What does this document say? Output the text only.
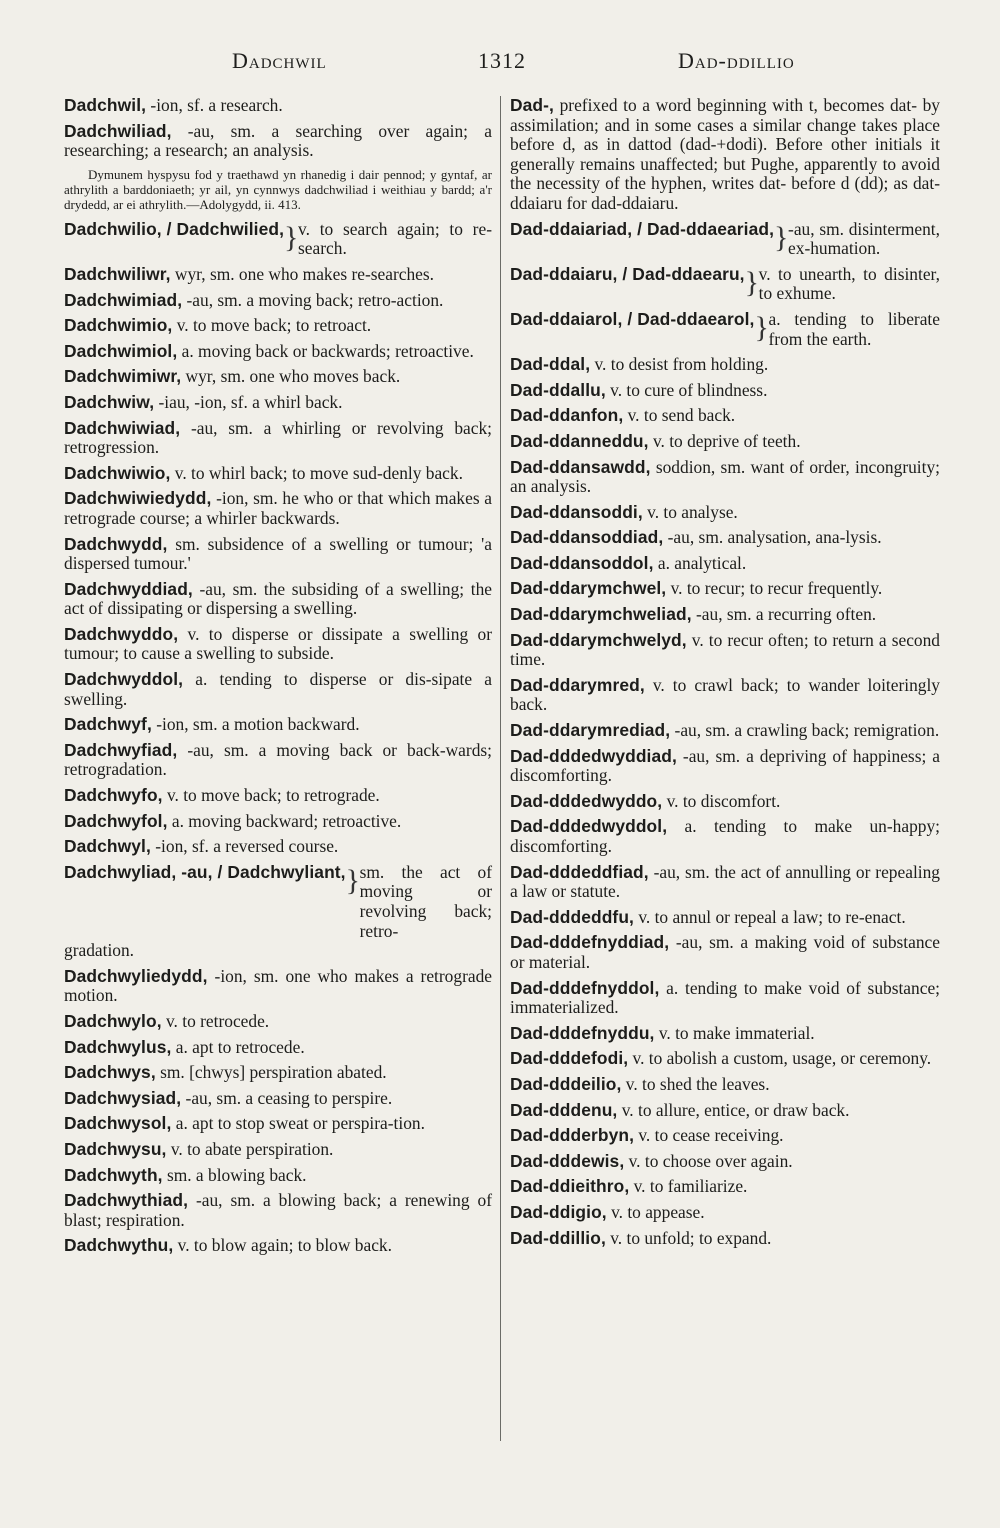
Dadchwil	1312	Dad-ddillio
Dadchwil, -ion, sf. a research.
Dadchwiliad, -au, sm. a searching over again; a researching; a research; an analysis.
Dymunem hyspysu fod y traethawd yn rhanedig i dair pennod; y gyntaf, ar athrylith a barddoniaeth; yr ail, yn cynnwys dadchwiliad i weithiau y bardd; a'r drydedd, ar ei athrylith.—Adolygydd, ii. 413.
Dadchwilio, / Dadchwilied, } v. to search again; to re-search.
Dadchwiliwr, wyr, sm. one who makes re-searches.
Dadchwimiad, -au, sm. a moving back; retro-action.
Dadchwimio, v. to move back; to retroact.
Dadchwimiol, a. moving back or backwards; retroactive.
Dadchwimiwr, wyr, sm. one who moves back.
Dadchwiw, -iau, -ion, sf. a whirl back.
Dadchwiwiad, -au, sm. a whirling or revolving back; retrogression.
Dadchwiwio, v. to whirl back; to move sud-denly back.
Dadchwiwiedydd, -ion, sm. he who or that which makes a retrograde course; a whirler backwards.
Dadchwydd, sm. subsidence of a swelling or tumour; 'a dispersed tumour.'
Dadchwyddiad, -au, sm. the subsiding of a swelling; the act of dissipating or dispersing a swelling.
Dadchwyddo, v. to disperse or dissipate a swelling or tumour; to cause a swelling to subside.
Dadchwyddol, a. tending to disperse or dis-sipate a swelling.
Dadchwyf, -ion, sm. a motion backward.
Dadchwyfiad, -au, sm. a moving back or back-wards; retrogradation.
Dadchwyfo, v. to move back; to retrograde.
Dadchwyfol, a. moving backward; retroactive.
Dadchwyl, -ion, sf. a reversed course.
Dadchwyliad, -au, / Dadchwyliant, } sm. the act of moving or revolving back; retro-
gradation.
Dadchwyliedydd, -ion, sm. one who makes a retrograde motion.
Dadchwylo, v. to retrocede.
Dadchwylus, a. apt to retrocede.
Dadchwys, sm. [chwys] perspiration abated.
Dadchwysiad, -au, sm. a ceasing to perspire.
Dadchwysol, a. apt to stop sweat or perspira-tion.
Dadchwysu, v. to abate perspiration.
Dadchwyth, sm. a blowing back.
Dadchwythiad, -au, sm. a blowing back; a renewing of blast; respiration.
Dadchwythu, v. to blow again; to blow back.
Dad-, prefixed to a word beginning with t, becomes dat- by assimilation; and in some cases a similar change takes place before d, as in dattod (dad-+dodi). Before other initials it generally remains unaffected; but Pughe, apparently to avoid the necessity of the hyphen, writes dat- before d (dd); as dat-ddaiaru for dad-ddaiaru.
Dad-ddaiariad, / Dad-ddaeariad, } -au, sm. disinterment, ex-humation.
Dad-ddaiaru, / Dad-ddaearu, } v. to unearth, to disinter, to exhume.
Dad-ddaiarol, / Dad-ddaearol, } a. tending to liberate from the earth.
Dad-ddal, v. to desist from holding.
Dad-ddallu, v. to cure of blindness.
Dad-ddanfon, v. to send back.
Dad-ddanneddu, v. to deprive of teeth.
Dad-ddansawdd, soddion, sm. want of order, incongruity; an analysis.
Dad-ddansoddi, v. to analyse.
Dad-ddansoddiad, -au, sm. analysation, ana-lysis.
Dad-ddansoddol, a. analytical.
Dad-ddarymchwel, v. to recur; to recur frequently.
Dad-ddarymchweliad, -au, sm. a recurring often.
Dad-ddarymchwelyd, v. to recur often; to return a second time.
Dad-ddarymred, v. to crawl back; to wander loiteringly back.
Dad-ddarymrediad, -au, sm. a crawling back; remigration.
Dad-dddedwyddiad, -au, sm. a depriving of happiness; a discomforting.
Dad-dddedwyddo, v. to discomfort.
Dad-dddedwyddol, a. tending to make un-happy; discomforting.
Dad-dddeddfiad, -au, sm. the act of annulling or repealing a law or statute.
Dad-dddeddfu, v. to annul or repeal a law; to re-enact.
Dad-dddefnyddiad, -au, sm. a making void of substance or material.
Dad-dddefnyddol, a. tending to make void of substance; immaterialized.
Dad-dddefnyddu, v. to make immaterial.
Dad-dddefodi, v. to abolish a custom, usage, or ceremony.
Dad-dddeilio, v. to shed the leaves.
Dad-dddenu, v. to allure, entice, or draw back.
Dad-ddderbyn, v. to cease receiving.
Dad-dddewis, v. to choose over again.
Dad-ddieithro, v. to familiarize.
Dad-ddigio, v. to appease.
Dad-ddillio, v. to unfold; to expand.
